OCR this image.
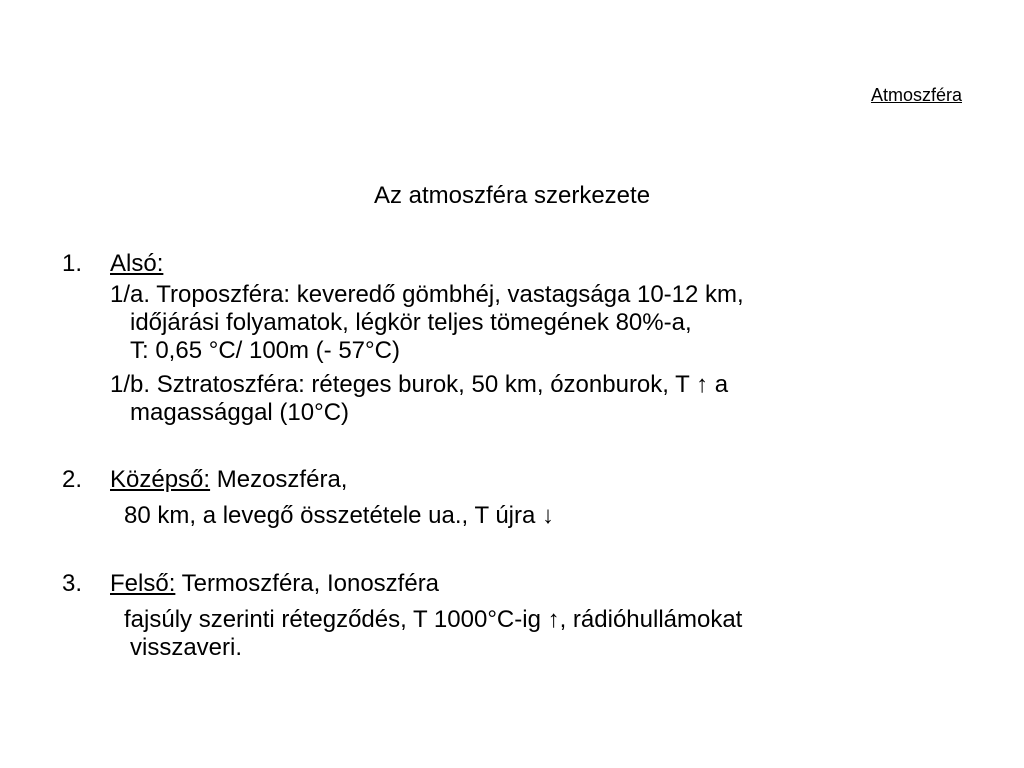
Atmoszféra
Az atmoszféra szerkezete
1. Alsó:
1/a. Troposzféra: keveredő gömbhéj, vastagsága 10-12 km,
időjárási folyamatok, légkör teljes tömegének 80%-a,
T: 0,65 °C/ 100m (- 57°C)
1/b. Sztratoszféra: réteges burok, 50 km, ózonburok, T ↑ a
magassággal (10°C)
2. Középső: Mezoszféra,
80 km, a levegő összetétele ua., T újra ↓
3. Felső: Termoszféra, Ionoszféra
fajsúly szerinti rétegződés, T 1000°C-ig ↑, rádióhullámokat
visszaveri.
